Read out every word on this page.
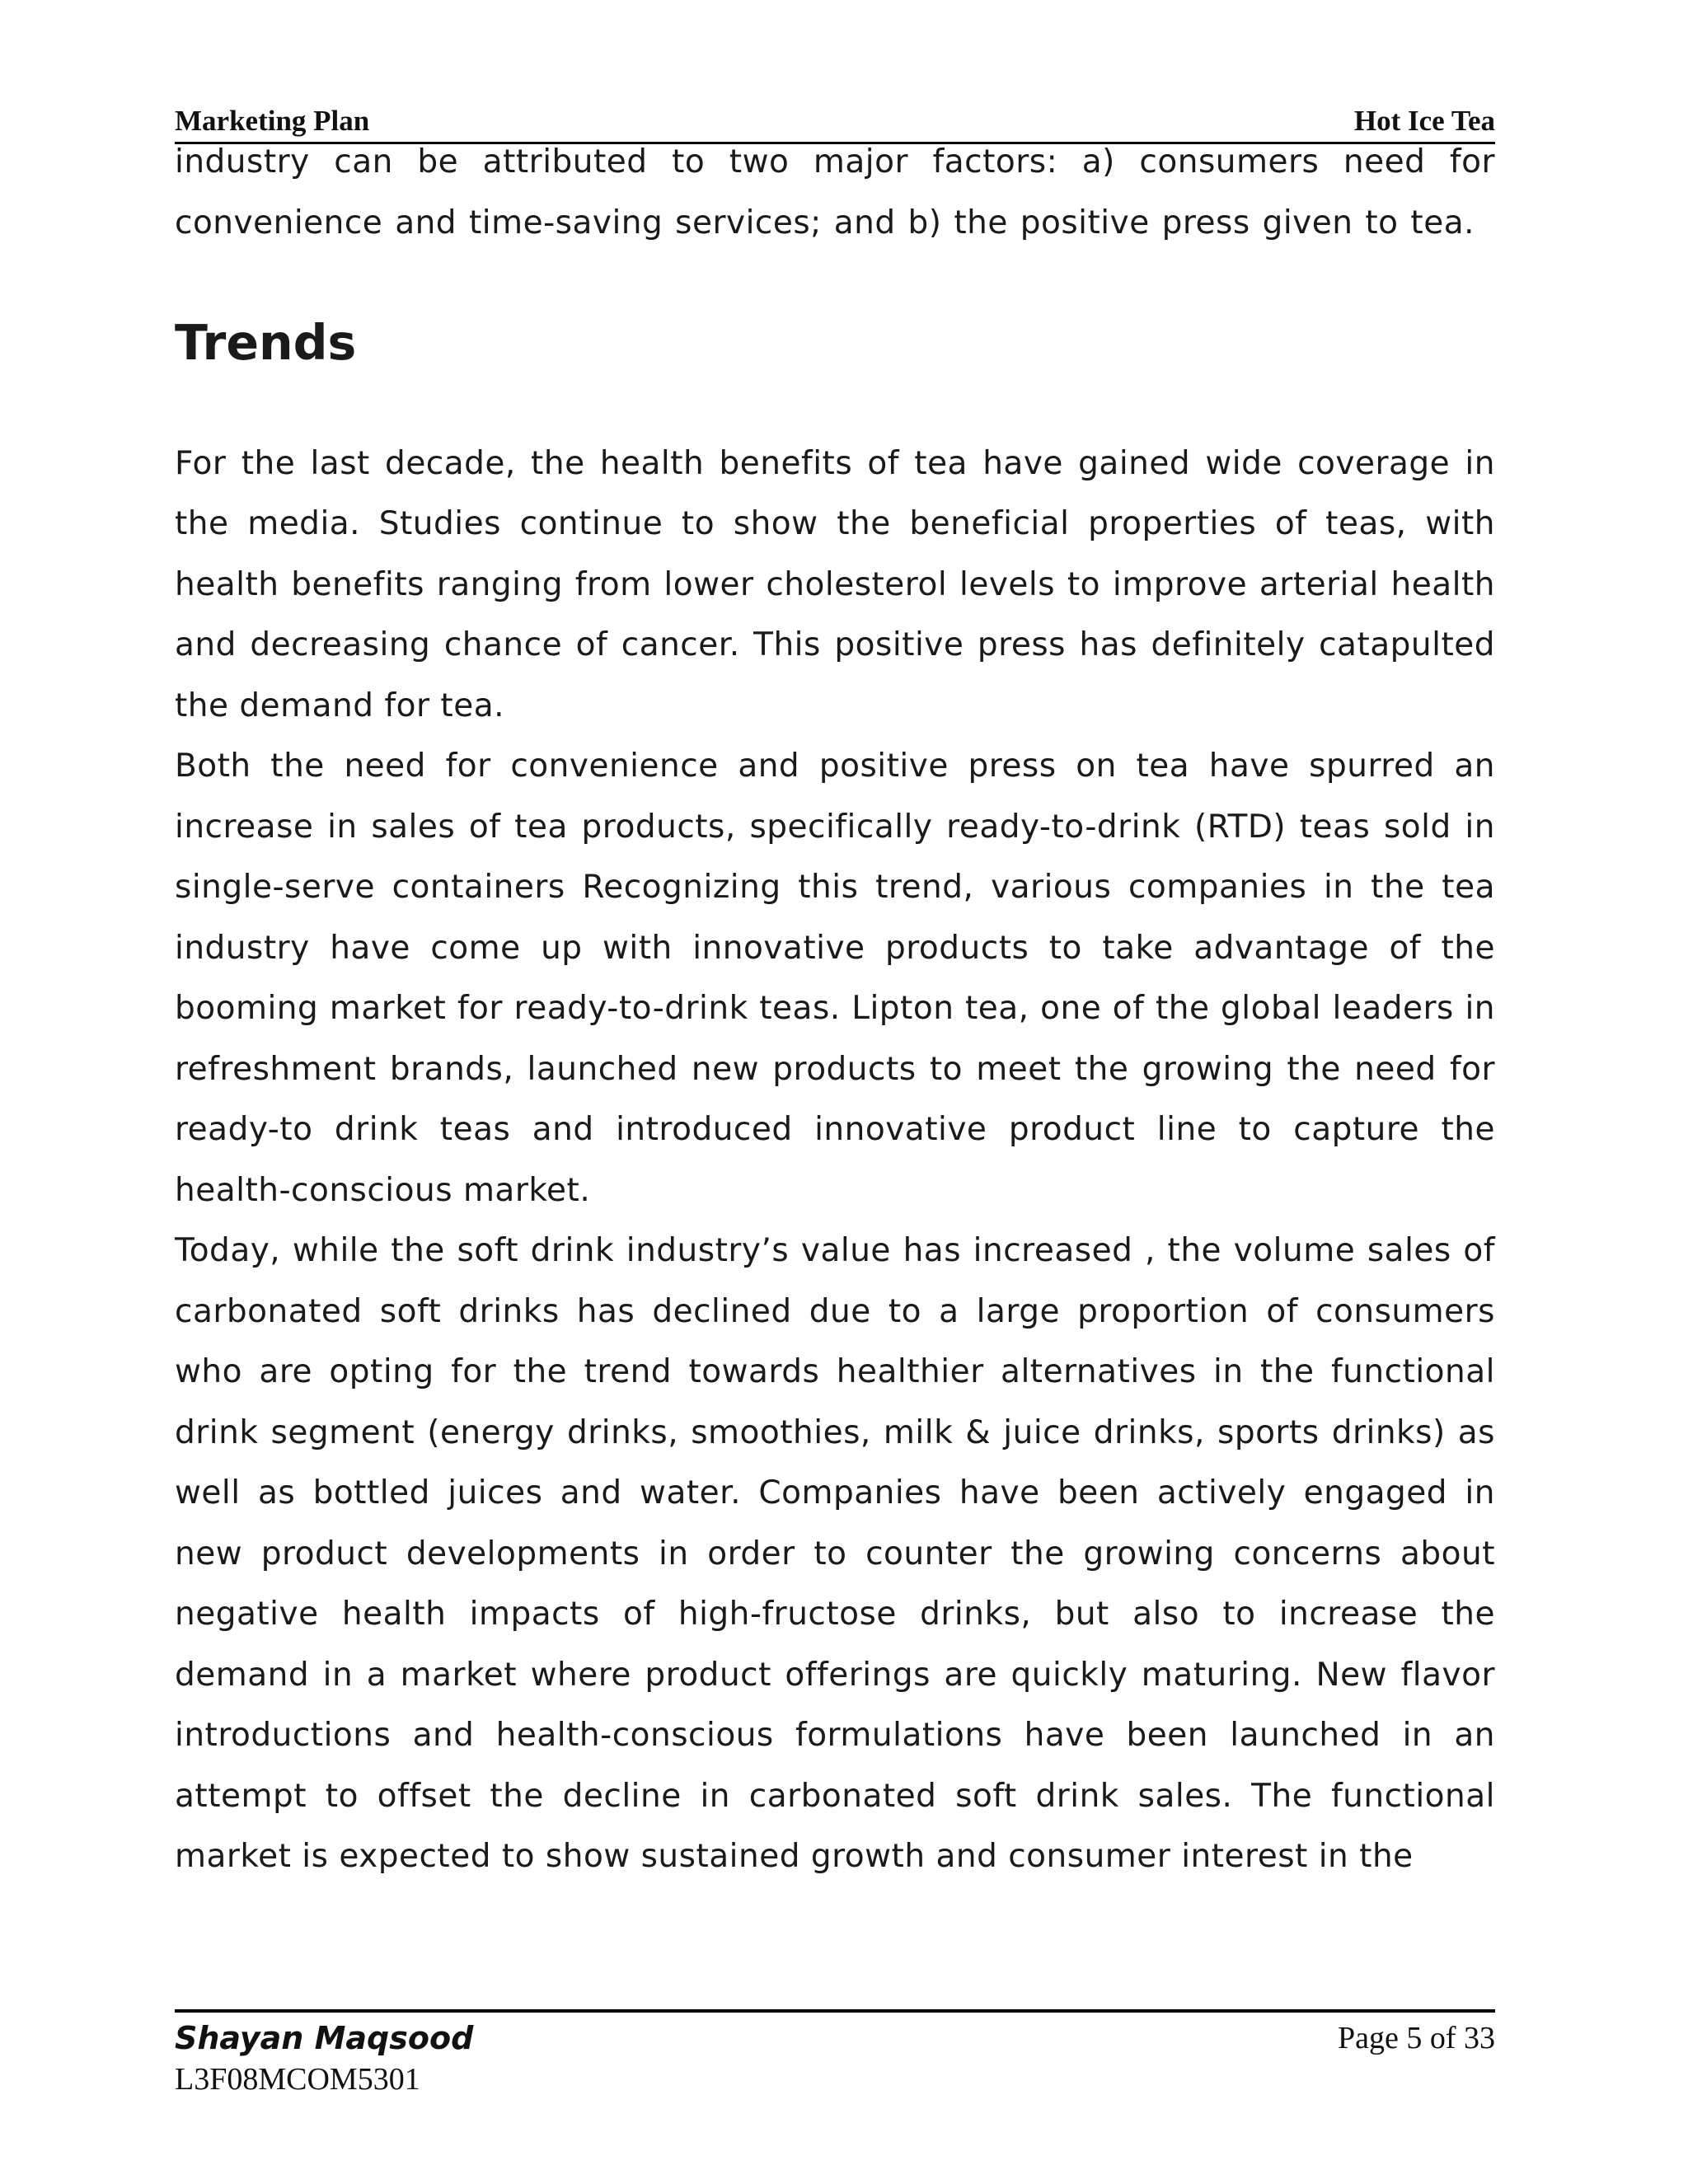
Marketing Plan	Hot Ice Tea

industry can be attributed to two major factors: a) consumers need for convenience and time-saving services; and b) the positive press given to tea.

Trends

For the last decade, the health benefits of tea have gained wide coverage in the media. Studies continue to show the beneficial properties of teas, with health benefits ranging from lower cholesterol levels to improve arterial health and decreasing chance of cancer. This positive press has definitely catapulted the demand for tea.

Both the need for convenience and positive press on tea have spurred an increase in sales of tea products, specifically ready-to-drink (RTD) teas sold in single-serve containers Recognizing this trend, various companies in the tea industry have come up with innovative products to take advantage of the booming market for ready-to-drink teas. Lipton tea, one of the global leaders in refreshment brands, launched new products to meet the growing the need for ready-to drink teas and introduced innovative product line to capture the health-conscious market.

Today, while the soft drink industry’s value has increased , the volume sales of carbonated soft drinks has declined due to a large proportion of consumers who are opting for the trend towards healthier alternatives in the functional drink segment (energy drinks, smoothies, milk & juice drinks, sports drinks) as well as bottled juices and water. Companies have been actively engaged in new product developments in order to counter the growing concerns about negative health impacts of high-fructose drinks, but also to increase the demand in a market where product offerings are quickly maturing. New flavor introductions and health-conscious formulations have been launched in an attempt to offset the decline in carbonated soft drink sales. The functional market is expected to show sustained growth and consumer interest in the

Shayan Maqsood
L3F08MCOM5301
Page 5 of 33
